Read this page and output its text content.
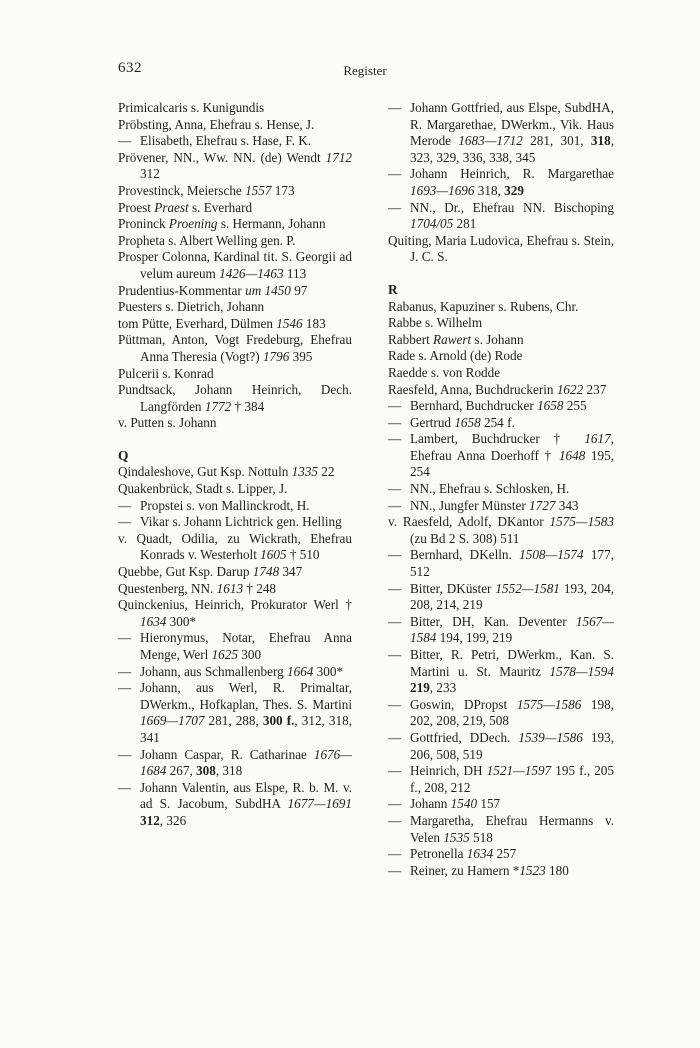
632	Register

Primicalcaris s. Kunigundis

Pröbsting, Anna, Ehefrau s. Hense, J.

— Elisabeth, Ehefrau s. Hase, F. K.

Prövener, NN., Ww. NN. (de) Wendt 1712 312

Provestinck, Meiersche 1557 173

Proest Praest s. Everhard

Proninck Proening s. Hermann, Johann

Propheta s. Albert Welling gen. P.

Prosper Colonna, Kardinal tit. S. Georgii ad velum aureum 1426—1463 113

Prudentius-Kommentar um 1450 97

Puesters s. Dietrich, Johann

tom Pütte, Everhard, Dülmen 1546 183

Püttman, Anton, Vogt Fredeburg, Ehefrau Anna Theresia (Vogt?) 1796 395

Pulcerii s. Konrad

Pundtsack, Johann Heinrich, Dech. Langförden 1772 † 384

v. Putten s. Johann

Q

Qindaleshove, Gut Ksp. Nottuln 1335 22

Quakenbrück, Stadt s. Lipper, J.

— Propstei s. von Mallinckrodt, H.

— Vikar s. Johann Lichtrick gen. Helling

v. Quadt, Odilia, zu Wickrath, Ehefrau Konrads v. Westerholt 1605 † 510

Quebbe, Gut Ksp. Darup 1748 347

Questenberg, NN. 1613 † 248

Quinckenius, Heinrich, Prokurator Werl † 1634 300*

— Hieronymus, Notar, Ehefrau Anna Menge, Werl 1625 300

— Johann, aus Schmallenberg 1664 300*

— Johann, aus Werl, R. Primaltar, DWerkm., Hofkaplan, Thes. S. Martini 1669—1707 281, 288, 300 f., 312, 318, 341

— Johann Caspar, R. Catharinae 1676—1684 267, 308, 318

— Johann Valentin, aus Elspe, R. b. M. v. ad S. Jacobum, SubdHA 1677—1691 312, 326

— Johann Gottfried, aus Elspe, SubdHA, R. Margarethae, DWerkm., Vik. Haus Merode 1683—1712 281, 301, 318, 323, 329, 336, 338, 345

— Johann Heinrich, R. Margarethae 1693—1696 318, 329

— NN., Dr., Ehefrau NN. Bischoping 1704/05 281

Quiting, Maria Ludovica, Ehefrau s. Stein, J. C. S.

R

Rabanus, Kapuziner s. Rubens, Chr.

Rabbe s. Wilhelm

Rabbert Rawert s. Johann

Rade s. Arnold (de) Rode

Raedde s. von Rodde

Raesfeld, Anna, Buchdruckerin 1622 237

— Bernhard, Buchdrucker 1658 255

— Gertrud 1658 254 f.

— Lambert, Buchdrucker † 1617, Ehefrau Anna Doerhoff † 1648 195, 254

— NN., Ehefrau s. Schlosken, H.

— NN., Jungfer Münster 1727 343

v. Raesfeld, Adolf, DKantor 1575—1583 (zu Bd 2 S. 308) 511

— Bernhard, DKelln. 1508—1574 177, 512

— Bitter, DKüster 1552—1581 193, 204, 208, 214, 219

— Bitter, DH, Kan. Deventer 1567—1584 194, 199, 219

— Bitter, R. Petri, DWerkm., Kan. S. Martini u. St. Mauritz 1578—1594 219, 233

— Goswin, DPropst 1575—1586 198, 202, 208, 219, 508

— Gottfried, DDech. 1539—1586 193, 206, 508, 519

— Heinrich, DH 1521—1597 195 f., 205 f., 208, 212

— Johann 1540 157

— Margaretha, Ehefrau Hermanns v. Velen 1535 518

— Petronella 1634 257

— Reiner, zu Hamern *1523 180
